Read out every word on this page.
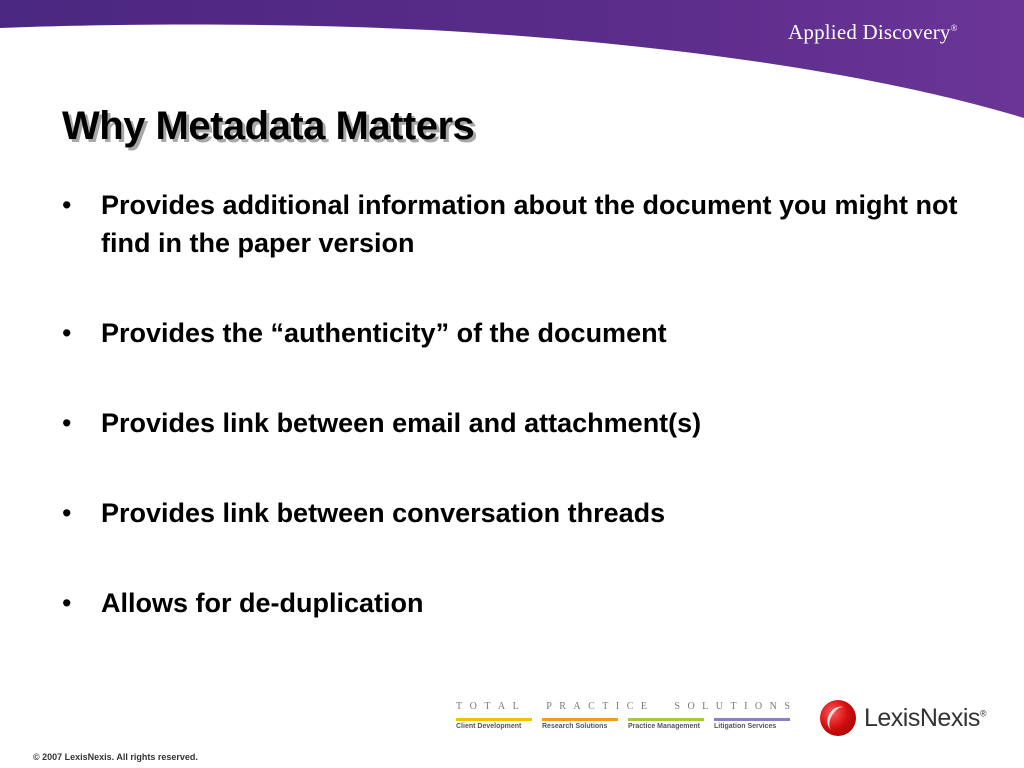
Applied Discovery®
Why Metadata Matters
• Provides additional information about the document you might not find in the paper version
• Provides the “authenticity” of the document
• Provides link between email and attachment(s)
• Provides link between conversation threads
• Allows for de-duplication
T O T A L

	P R A C T I C E

	S O L U T I O N S
Client Development	Research Solutions	Practice Management	Litigation Services	LexisNexis®
© 2007 LexisNexis. All rights reserved.
